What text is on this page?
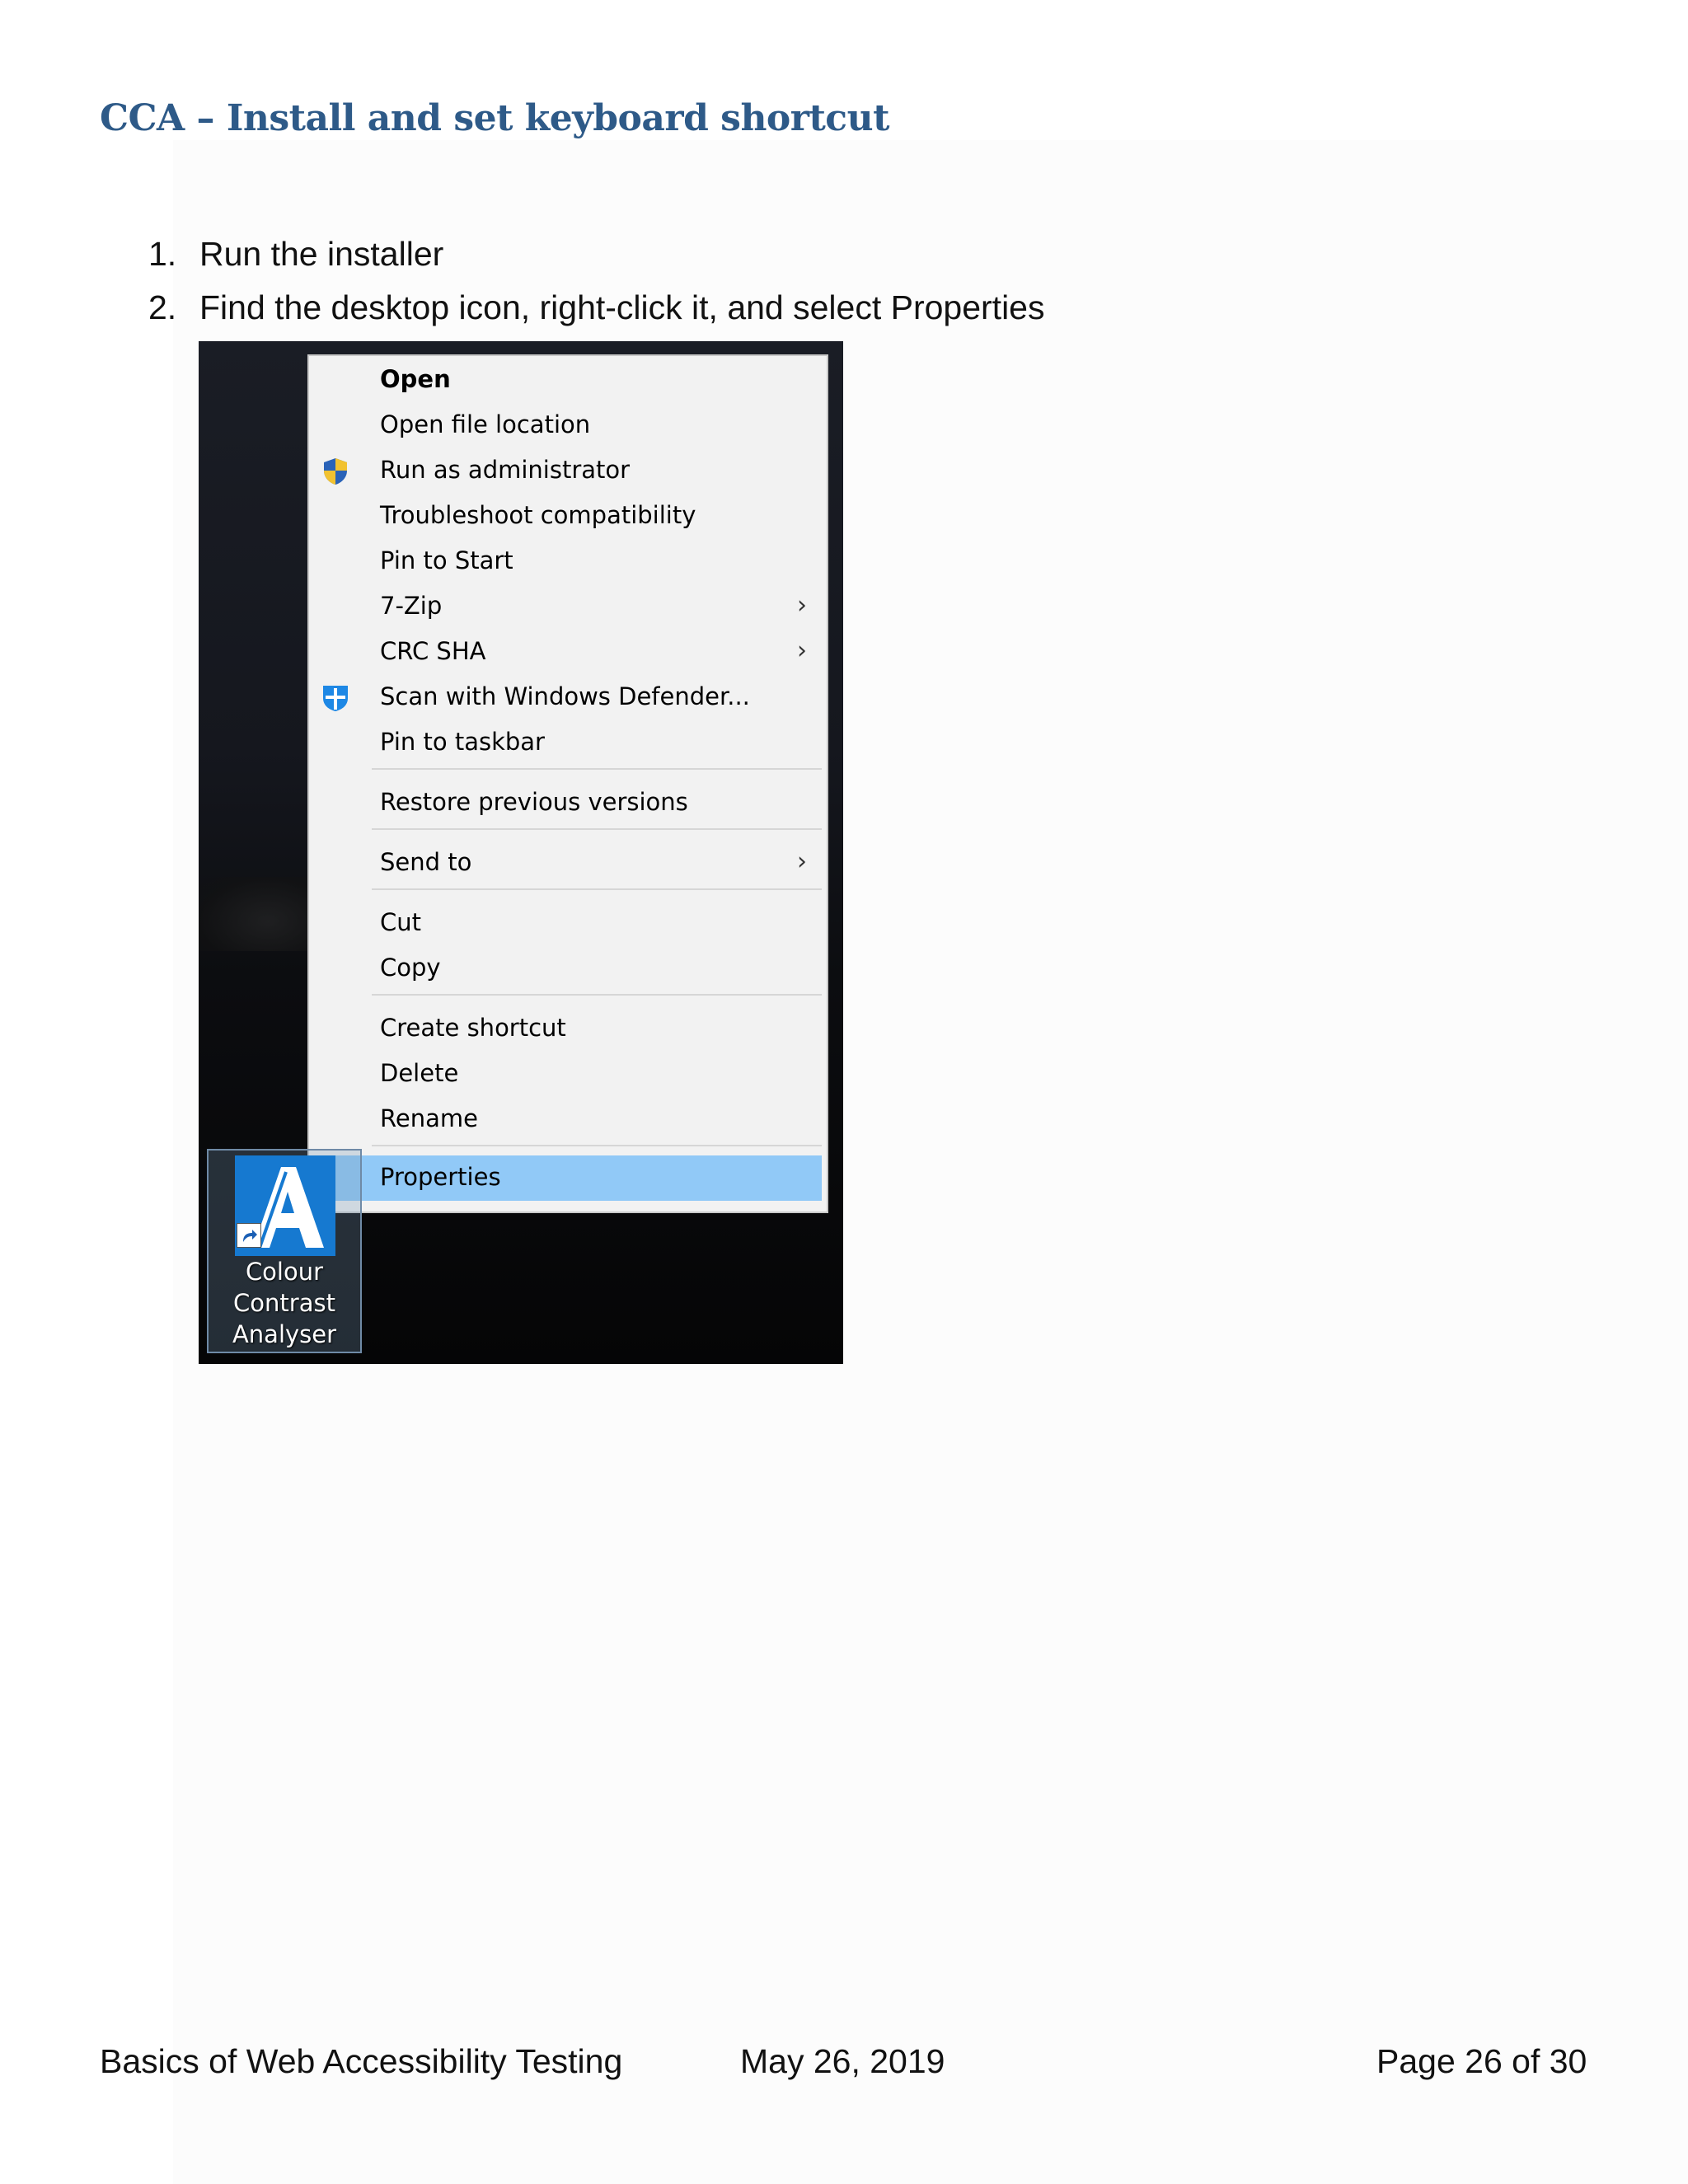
CCA – Install and set keyboard shortcut
1. Run the installer
2. Find the desktop icon, right-click it, and select Properties
Open
Open file location
Run as administrator
Troubleshoot compatibility
Pin to Start
7-Zip	›
CRC SHA	›
Scan with Windows Defender...
Pin to taskbar
Restore previous versions
Send to	›
Cut
Copy
Create shortcut
Delete
Rename
Properties
Colour
Contrast
Analyser
Basics of Web Accessibility Testing	May 26, 2019	Page 26 of 30
